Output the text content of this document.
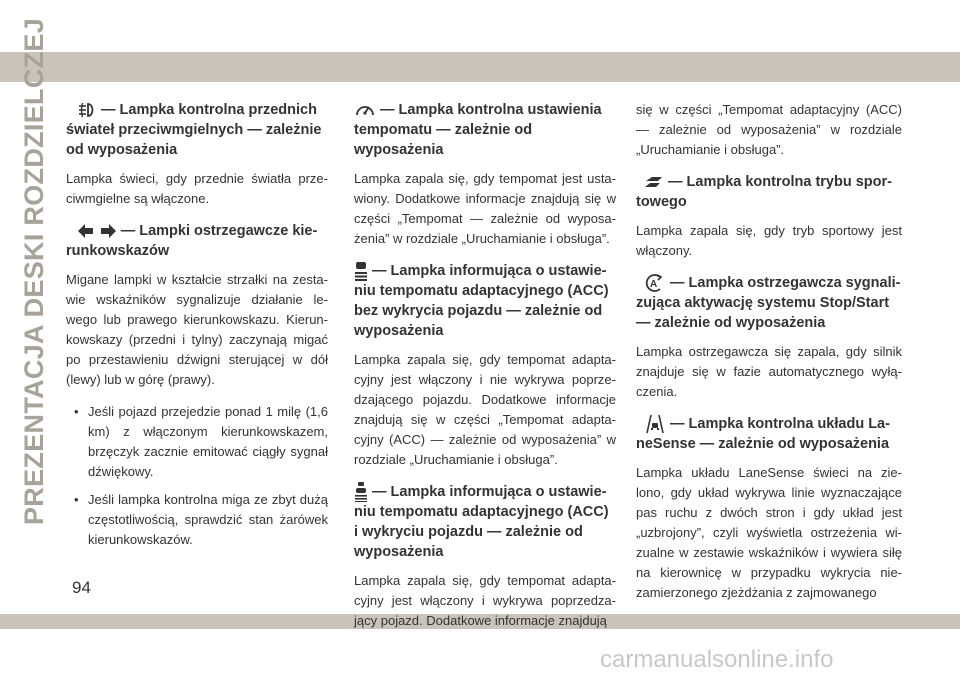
PREZENTACJA DESKI ROZDZIELCZEJ	— Lampka kontrolna przednich
świateł przeciwmgielnych — zależnie
od wyposażenia
Lampka świeci, gdy przednie światła prze-ciwmgielne są włączone.
— Lampki ostrzegawcze kie-
runkowskazów
Migane lampki w kształcie strzałki na zesta-wie wskaźników sygnalizuje działanie le-wego lub prawego kierunkowskazu. Kierun-kowskazy (przedni i tylny) zaczynają migać po przestawieniu dźwigni sterującej w dół (lewy) lub w górę (prawy).
• Jeśli pojazd przejedzie ponad 1 milę (1,6 km) z włączonym kierunkowskazem, brzęczyk zacznie emitować ciągły sygnał dźwiękowy.
• Jeśli lampka kontrolna miga ze zbyt dużą częstotliwością, sprawdzić stan żarówek kierunkowskazów.
— Lampka kontrolna ustawienia
tempomatu — zależnie od wyposażenia
Lampka zapala się, gdy tempomat jest usta-wiony. Dodatkowe informacje znajdują się w części „Tempomat — zależnie od wyposa-żenia” w rozdziale „Uruchamianie i obsługa”.
— Lampka informująca o ustawie-
niu tempomatu adaptacyjnego (ACC)
bez wykrycia pojazdu — zależnie od
wyposażenia
Lampka zapala się, gdy tempomat adapta-cyjny jest włączony i nie wykrywa poprze-dzającego pojazdu. Dodatkowe informacje znajdują się w części „Tempomat adapta-cyjny (ACC) — zależnie od wyposażenia” w rozdziale „Uruchamianie i obsługa”.
— Lampka informująca o ustawie-
niu tempomatu adaptacyjnego (ACC)
i wykryciu pojazdu — zależnie od
wyposażenia
Lampka zapala się, gdy tempomat adapta-cyjny jest włączony i wykrywa poprzedza-jący pojazd. Dodatkowe informacje znajdują
się w części „Tempomat adaptacyjny (ACC) — zależnie od wyposażenia” w rozdziale „Uruchamianie i obsługa”.
— Lampka kontrolna trybu spor-
towego
Lampka zapala się, gdy tryb sportowy jest włączony.
A — Lampka ostrzegawcza sygnali-
zująca aktywację systemu Stop/Start
— zależnie od wyposażenia
Lampka ostrzegawcza się zapala, gdy silnik znajduje się w fazie automatycznego wyłą-czenia.
— Lampka kontrolna układu La-
neSense — zależnie od wyposażenia
Lampka układu LaneSense świeci na zie-lono, gdy układ wykrywa linie wyznaczające pas ruchu z dwóch stron i gdy układ jest „uzbrojony”, czyli wyświetla ostrzeżenia wi-zualne w zestawie wskaźników i wywiera siłę na kierownicę w przypadku wykrycia nie-zamierzonego zjeżdżania z zajmowanego
94
carmanualsonline.info
